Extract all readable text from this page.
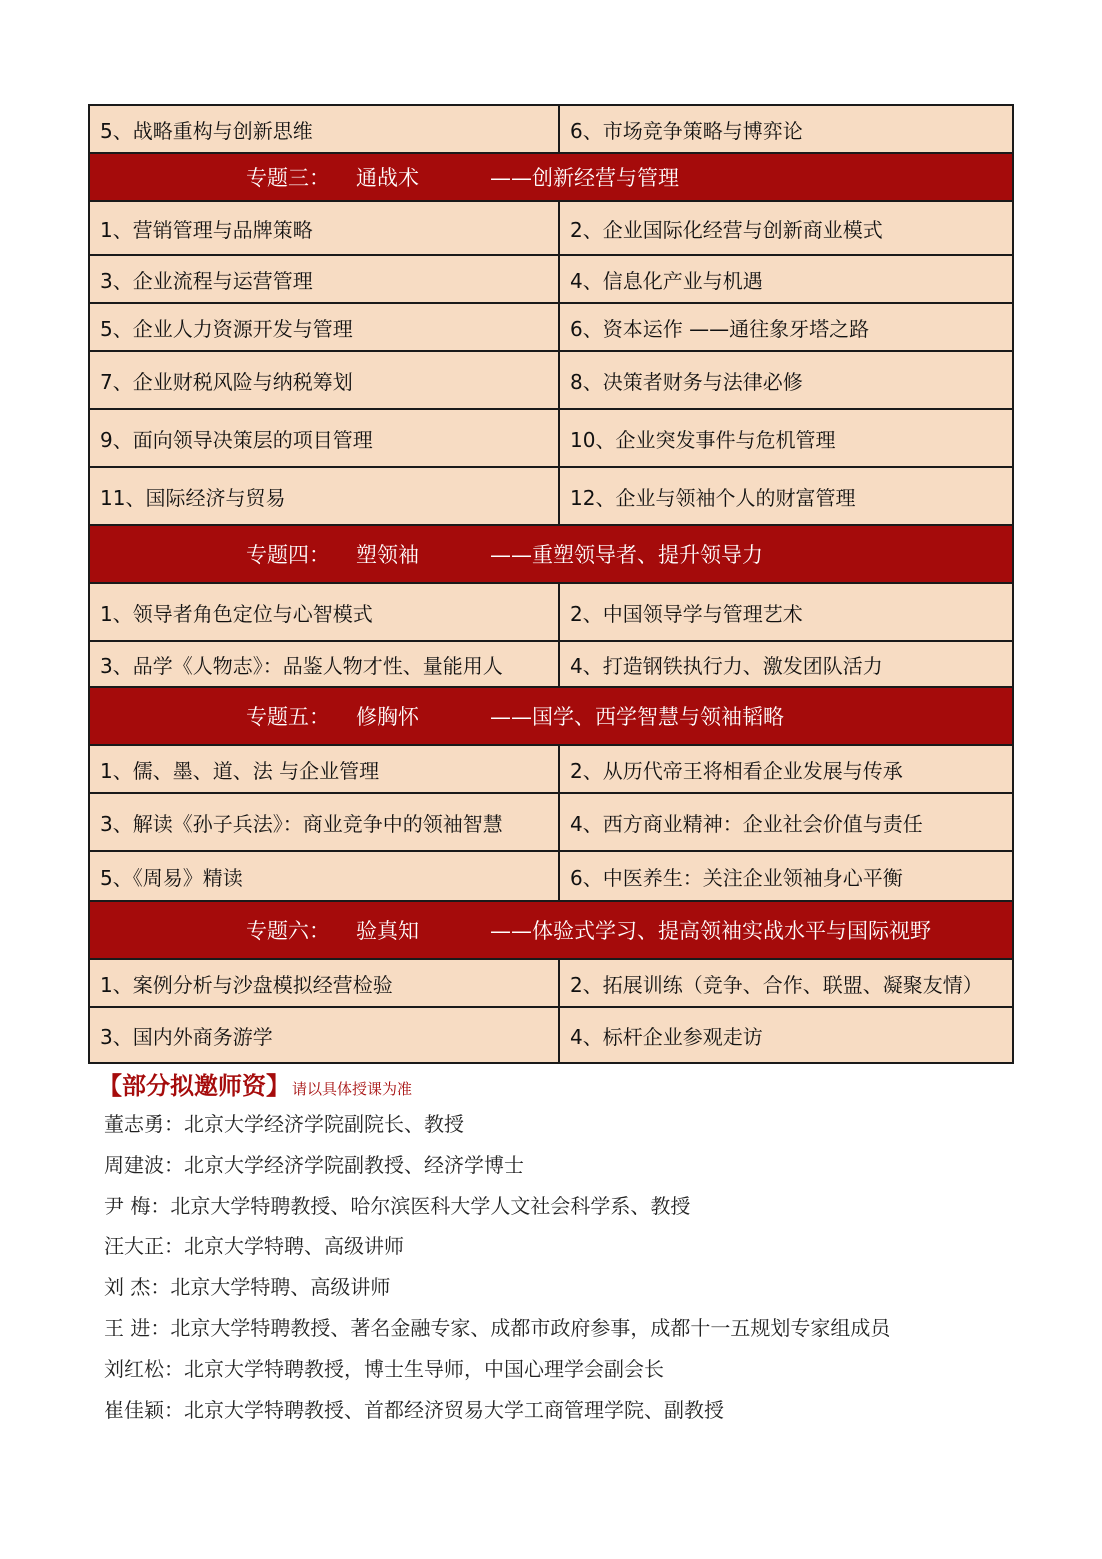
5、战略重构与创新思维	6、市场竞争策略与博弈论

专题三： 通战术 ——创新经营与管理	

1、营销管理与品牌策略	2、企业国际化经营与创新商业模式
3、企业流程与运营管理	4、信息化产业与机遇
5、企业人力资源开发与管理	6、资本运作 ——通往象牙塔之路
7、企业财税风险与纳税筹划	8、决策者财务与法律必修
9、面向领导决策层的项目管理	10、企业突发事件与危机管理
11、国际经济与贸易	12、企业与领袖个人的财富管理

专题四： 塑领袖 ——重塑领导者、提升领导力	

1、领导者角色定位与心智模式	2、中国领导学与管理艺术
3、品学《人物志》：品鉴人物才性、量能用人	4、打造钢铁执行力、激发团队活力

专题五： 修胸怀 ——国学、西学智慧与领袖韬略	

1、儒、墨、道、法 与企业管理	2、从历代帝王将相看企业发展与传承
3、解读《孙子兵法》：商业竞争中的领袖智慧	4、西方商业精神：企业社会价值与责任
5、《周易》精读	6、中医养生：关注企业领袖身心平衡

专题六： 验真知 ——体验式学习、提高领袖实战水平与国际视野	

1、案例分析与沙盘模拟经营检验	2、拓展训练（竞争、合作、联盟、凝聚友情）
3、国内外商务游学	4、标杆企业参观走访
【部分拟邀师资】 请以具体授课为准
董志勇：北京大学经济学院副院长、教授
周建波：北京大学经济学院副教授、经济学博士
尹 梅：北京大学特聘教授、哈尔滨医科大学人文社会科学系、教授
汪大正：北京大学特聘、高级讲师
刘 杰：北京大学特聘、高级讲师
王 进：北京大学特聘教授、著名金融专家、成都市政府参事，成都十一五规划专家组成员
刘红松：北京大学特聘教授，博士生导师，中国心理学会副会长
崔佳颖：北京大学特聘教授、首都经济贸易大学工商管理学院、副教授
